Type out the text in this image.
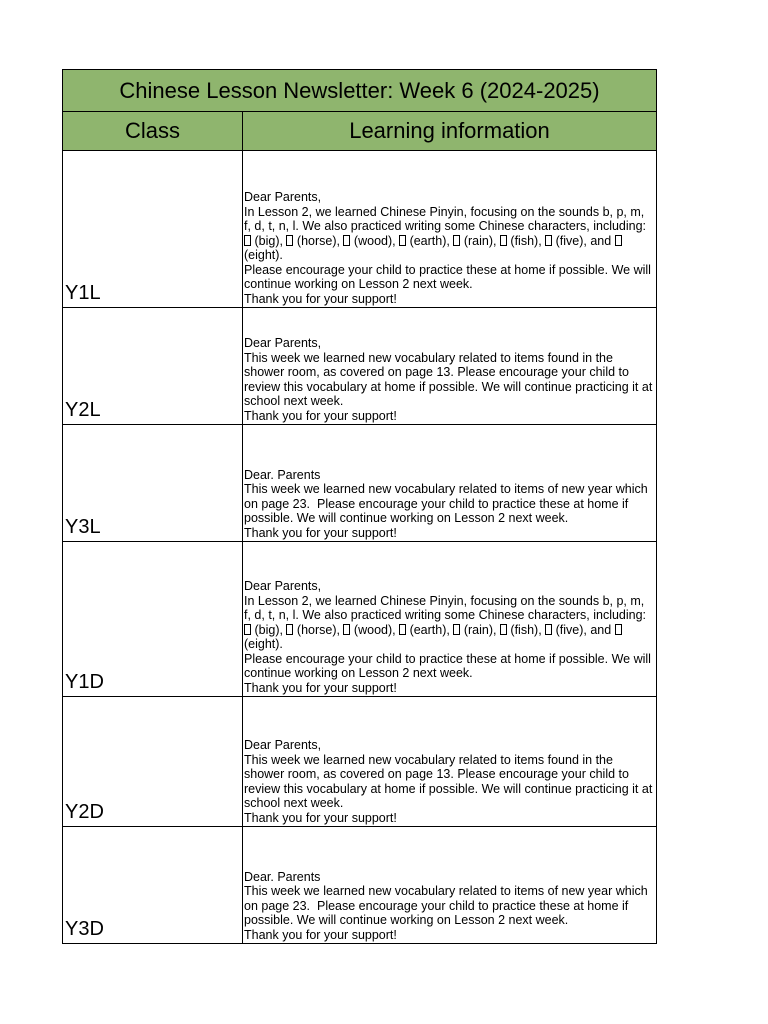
Chinese Lesson Newsletter: Week 6 (2024-2025)	
Class	Learning information
Y1L	Dear Parents,
In Lesson 2, we learned Chinese Pinyin, focusing on the sounds b, p, m, f, d, t, n, l. We also practiced writing some Chinese characters, including:  (big),  (horse),  (wood),  (earth),  (rain),  (fish),  (five), and  (eight).
Please encourage your child to practice these at home if possible. We will continue working on Lesson 2 next week.
Thank you for your support!

Y2L	Dear Parents,
This week we learned new vocabulary related to items found in the shower room, as covered on page 13. Please encourage your child to review this vocabulary at home if possible. We will continue practicing it at school next week.
Thank you for your support!

Y3L	Dear. Parents
This week we learned new vocabulary related to items of new year which on page 23.  Please encourage your child to practice these at home if possible. We will continue working on Lesson 2 next week.
Thank you for your support!

Y1D	Dear Parents,
In Lesson 2, we learned Chinese Pinyin, focusing on the sounds b, p, m, f, d, t, n, l. We also practiced writing some Chinese characters, including:  (big),  (horse),  (wood),  (earth),  (rain),  (fish),  (five), and  (eight).
Please encourage your child to practice these at home if possible. We will continue working on Lesson 2 next week.
Thank you for your support!

Y2D	Dear Parents,
This week we learned new vocabulary related to items found in the shower room, as covered on page 13. Please encourage your child to review this vocabulary at home if possible. We will continue practicing it at school next week.
Thank you for your support!

Y3D	Dear. Parents
This week we learned new vocabulary related to items of new year which on page 23.  Please encourage your child to practice these at home if possible. We will continue working on Lesson 2 next week.
Thank you for your support!
